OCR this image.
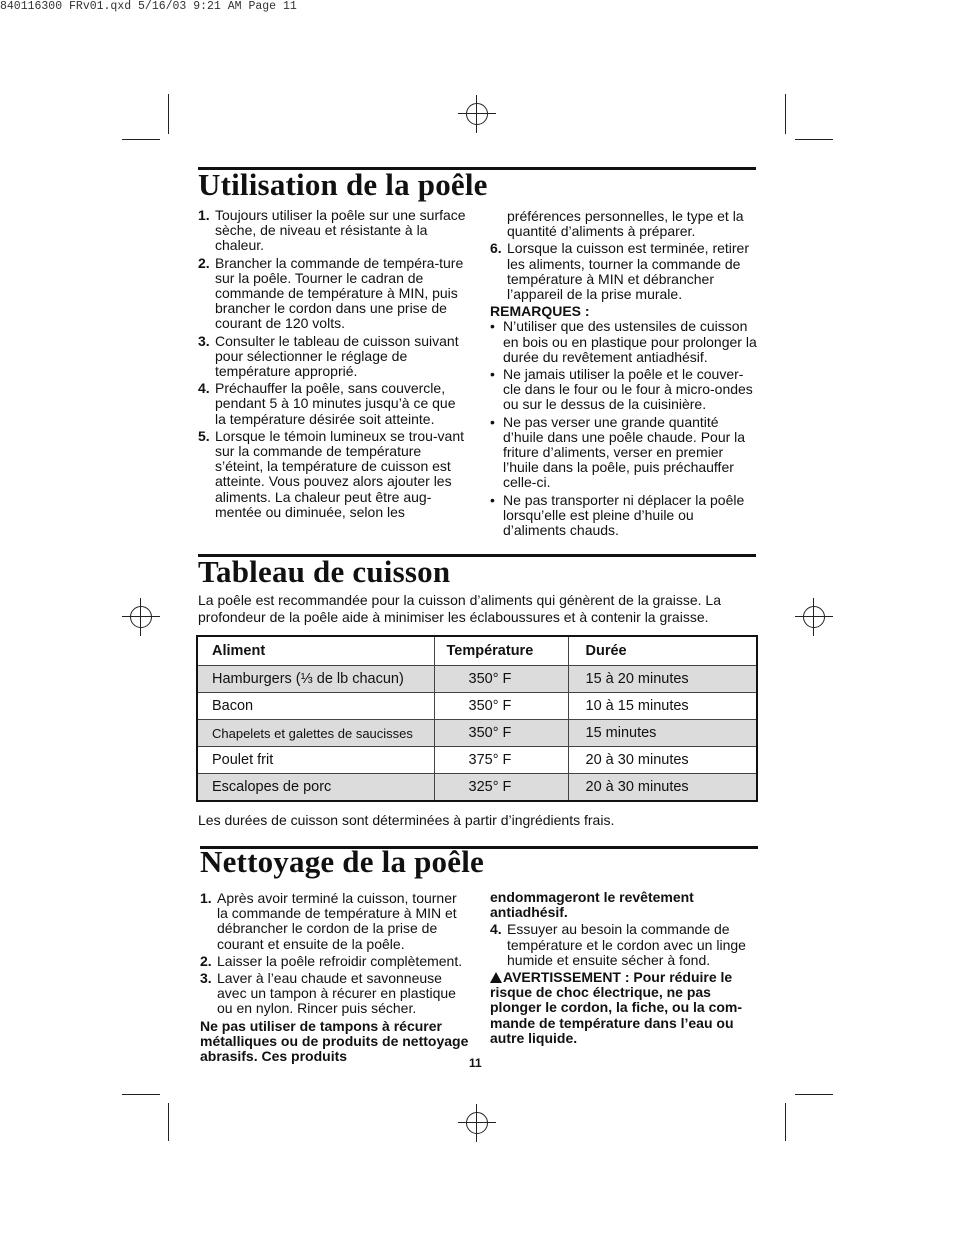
840116300 FRv01.qxd 5/16/03 9:21 AM Page 11
Utilisation de la poêle
1. Toujours utiliser la poêle sur une surface sèche, de niveau et résistante à la chaleur.
2. Brancher la commande de tempéra-ture sur la poêle. Tourner le cadran de commande de température à MIN, puis brancher le cordon dans une prise de courant de 120 volts.
3. Consulter le tableau de cuisson suivant pour sélectionner le réglage de température approprié.
4. Préchauffer la poêle, sans couvercle, pendant 5 à 10 minutes jusqu’à ce que la température désirée soit atteinte.
5. Lorsque le témoin lumineux se trou-vant sur la commande de température s’éteint, la température de cuisson est atteinte. Vous pouvez alors ajouter les aliments. La chaleur peut être aug-mentée ou diminuée, selon les
préférences personnelles, le type et la quantité d’aliments à préparer.
6. Lorsque la cuisson est terminée, retirer les aliments, tourner la commande de température à MIN et débrancher l’appareil de la prise murale.

REMARQUES :

• N’utiliser que des ustensiles de cuisson en bois ou en plastique pour prolonger la durée du revêtement antiadhésif.
• Ne jamais utiliser la poêle et le couver-cle dans le four ou le four à micro-ondes ou sur le dessus de la cuisinière.
• Ne pas verser une grande quantité d’huile dans une poêle chaude. Pour la friture d’aliments, verser en premier l’huile dans la poêle, puis préchauffer celle-ci.
• Ne pas transporter ni déplacer la poêle lorsqu’elle est pleine d’huile ou d’aliments chauds.
Tableau de cuisson
La poêle est recommandée pour la cuisson d’aliments qui génèrent de la graisse. La profondeur de la poêle aide à minimiser les éclaboussures et à contenir la graisse.
Aliment	Température	Durée
Hamburgers (⅓ de lb chacun)	350° F	15 à 20 minutes
Bacon	350° F	10 à 15 minutes
Chapelets et galettes de saucisses	350° F	15 minutes
Poulet frit	375° F	20 à 30 minutes
Escalopes de porc	325° F	20 à 30 minutes
Les durées de cuisson sont déterminées à partir d’ingrédients frais.
Nettoyage de la poêle
1. Après avoir terminé la cuisson, tourner la commande de température à MIN et débrancher le cordon de la prise de courant et ensuite de la poêle.
2. Laisser la poêle refroidir complètement.
3. Laver à l’eau chaude et savonneuse avec un tampon à récurer en plastique ou en nylon. Rincer puis sécher.

Ne pas utiliser de tampons à récurer métalliques ou de produits de nettoyage abrasifs. Ces produits

endommageront le revêtement antiadhésif.

4. Essuyer au besoin la commande de température et le cordon avec un linge humide et ensuite sécher à fond.

AVERTISSEMENT : Pour réduire le risque de choc électrique, ne pas plonger le cordon, la fiche, ou la com-mande de température dans l’eau ou autre liquide.

11
